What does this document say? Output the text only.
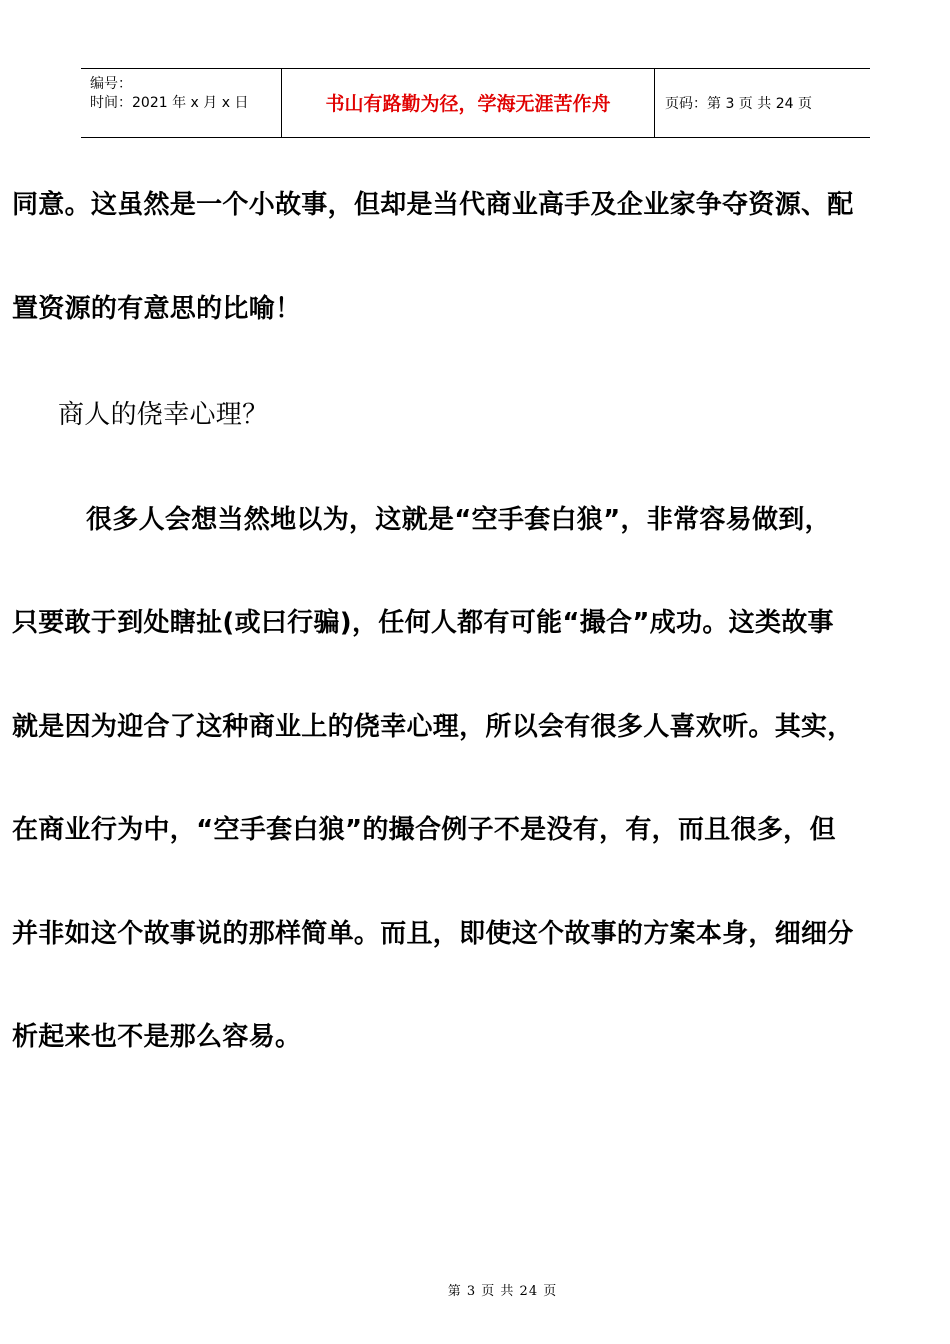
编号：
时间：2021 年 x 月 x 日	书山有路勤为径，学海无涯苦作舟	页码：第 3 页 共 24 页
同意。这虽然是一个小故事，但却是当代商业高手及企业家争夺资源、配
置资源的有意思的比喻！
商人的侥幸心理？
很多人会想当然地以为，这就是“空手套白狼”，非常容易做到，
只要敢于到处瞎扯(或曰行骗)，任何人都有可能“撮合”成功。这类故事
就是因为迎合了这种商业上的侥幸心理，所以会有很多人喜欢听。其实，
在商业行为中，“空手套白狼”的撮合例子不是没有，有，而且很多，但
并非如这个故事说的那样简单。而且，即使这个故事的方案本身，细细分
析起来也不是那么容易。
第 3 页 共 24 页
